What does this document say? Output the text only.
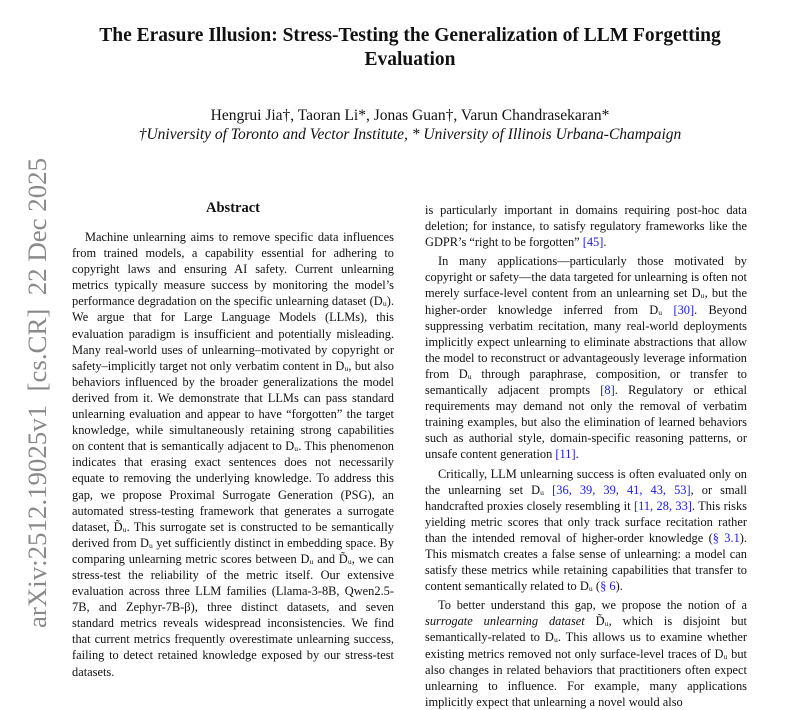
arXiv:2512.19025v1  [cs.CR]  22 Dec 2025
The Erasure Illusion: Stress-Testing the Generalization of LLM Forgetting Evaluation
Hengrui Jia†, Taoran Li*, Jonas Guan†, Varun Chandrasekaran*
†University of Toronto and Vector Institute, * University of Illinois Urbana-Champaign
Abstract

Machine unlearning aims to remove specific data influences from trained models, a capability essential for adhering to copyright laws and ensuring AI safety. Current unlearning metrics typically measure success by monitoring the model’s performance degradation on the specific unlearning dataset (Dᵤ). We argue that for Large Language Models (LLMs), this evaluation paradigm is insufficient and potentially misleading. Many real-world uses of unlearning–motivated by copyright or safety–implicitly target not only verbatim content in Dᵤ, but also behaviors influenced by the broader generalizations the model derived from it. We demonstrate that LLMs can pass standard unlearning evaluation and appear to have “forgotten” the target knowledge, while simultaneously retaining strong capabilities on content that is semantically adjacent to Dᵤ. This phenomenon indicates that erasing exact sentences does not necessarily equate to removing the underlying knowledge. To address this gap, we propose Proximal Surrogate Generation (PSG), an automated stress-testing framework that generates a surrogate dataset, D̃ᵤ. This surrogate set is constructed to be semantically derived from Dᵤ yet sufficiently distinct in embedding space. By comparing unlearning metric scores between Dᵤ and D̃ᵤ, we can stress-test the reliability of the metric itself. Our extensive evaluation across three LLM families (Llama-3-8B, Qwen2.5-7B, and Zephyr-7B-β), three distinct datasets, and seven standard metrics reveals widespread inconsistencies. We find that current metrics frequently overestimate unlearning success, failing to detect retained knowledge exposed by our stress-test datasets.

is particularly important in domains requiring post-hoc data deletion; for instance, to satisfy regulatory frameworks like the GDPR’s “right to be forgotten” [45].

In many applications—particularly those motivated by copyright or safety—the data targeted for unlearning is often not merely surface-level content from an unlearning set Dᵤ, but the higher-order knowledge inferred from Dᵤ [30]. Beyond suppressing verbatim recitation, many real-world deployments implicitly expect unlearning to eliminate abstractions that allow the model to reconstruct or advantageously leverage information from Dᵤ through paraphrase, composition, or transfer to semantically adjacent prompts [8]. Regulatory or ethical requirements may demand not only the removal of verbatim training examples, but also the elimination of learned behaviors such as authorial style, domain-specific reasoning patterns, or unsafe content generation [11].

Critically, LLM unlearning success is often evaluated only on the unlearning set Dᵤ [36, 39, 39, 41, 43, 53], or small handcrafted proxies closely resembling it [11, 28, 33]. This risks yielding metric scores that only track surface recitation rather than the intended removal of higher-order knowledge (§ 3.1). This mismatch creates a false sense of unlearning: a model can satisfy these metrics while retaining capabilities that transfer to content semantically related to Dᵤ (§ 6).

To better understand this gap, we propose the notion of a surrogate unlearning dataset D̃ᵤ, which is disjoint but semantically-related to Dᵤ. This allows us to examine whether existing metrics removed not only surface-level traces of Dᵤ but also changes in related behaviors that practitioners often expect unlearning to influence. For example, many applications implicitly expect that unlearning a novel would also
